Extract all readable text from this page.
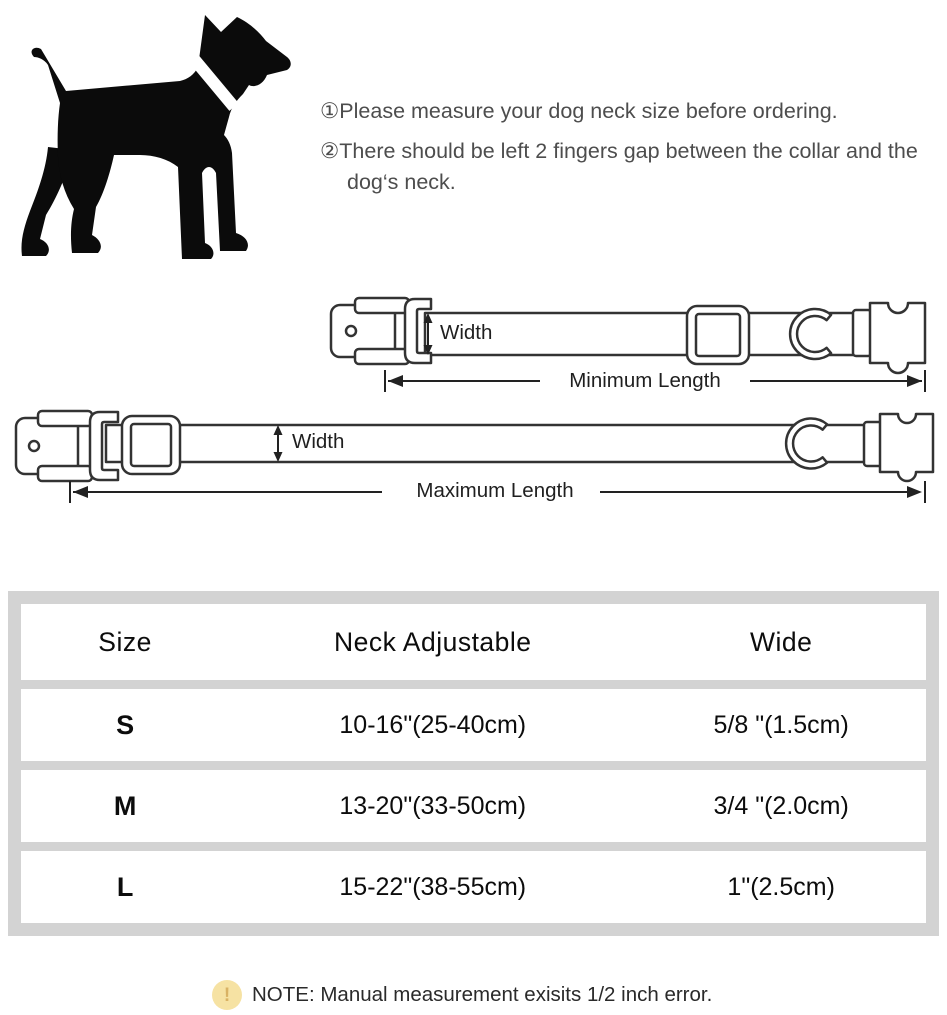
①Please measure your dog neck size before ordering.

②There should be left 2 fingers gap between the collar and the dog‘s neck.

Width
Minimum Length
Width
Maximum Length
Size	Neck Adjustable	Wide
S	10-16"(25-40cm)	5/8 "(1.5cm)
M	13-20"(33-50cm)	3/4 "(2.0cm)
L	15-22"(38-55cm)	1"(2.5cm)
! NOTE: Manual measurement exisits 1/2 inch error.
